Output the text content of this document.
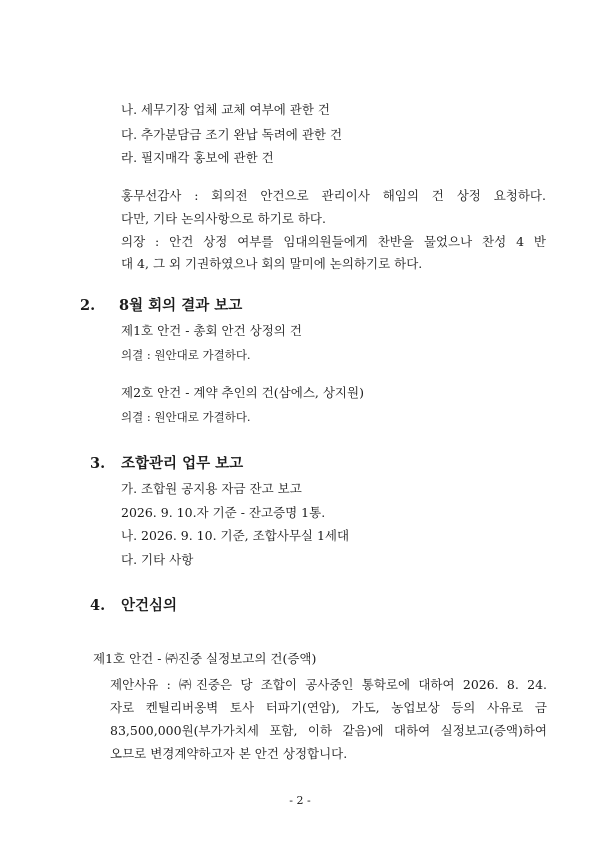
나. 세무기장 업체 교체 여부에 관한 건
다. 추가분담금 조기 완납 독려에 관한 건
라. 필지매각 홍보에 관한 건
홍무선감사 : 회의전 안건으로 관리이사 해임의 건 상정 요청하다.
다만, 기타 논의사항으로 하기로 하다.
의장 : 안건 상정 여부를 임대의원들에게 찬반을 물었으나 찬성 4 반
대 4, 그 외 기권하였으나 회의 말미에 논의하기로 하다.
2. 8월 회의 결과 보고
제1호 안건 - 총회 안건 상정의 건
의결 : 원안대로 가결하다.
제2호 안건 - 계약 추인의 건(삼에스, 상지원)
의결 : 원안대로 가결하다.
3. 조합관리 업무 보고
가. 조합원 공지용 자금 잔고 보고
2026. 9. 10.자 기준 - 잔고증명 1통.
나. 2026. 9. 10. 기준, 조합사무실 1세대
다. 기타 사항
4. 안건심의
제1호 안건 - ㈜진중 실정보고의 건(증액)
제안사유 : ㈜진중은 당 조합이 공사중인 통학로에 대하여 2026. 8. 24.
자로 켄틸리버옹벽 토사 터파기(연암), 가도, 농업보상 등의 사유로 금
83,500,000원(부가가치세 포함, 이하 같음)에 대하여 실정보고(증액)하여
오므로 변경계약하고자 본 안건 상정합니다.
- 2 -
